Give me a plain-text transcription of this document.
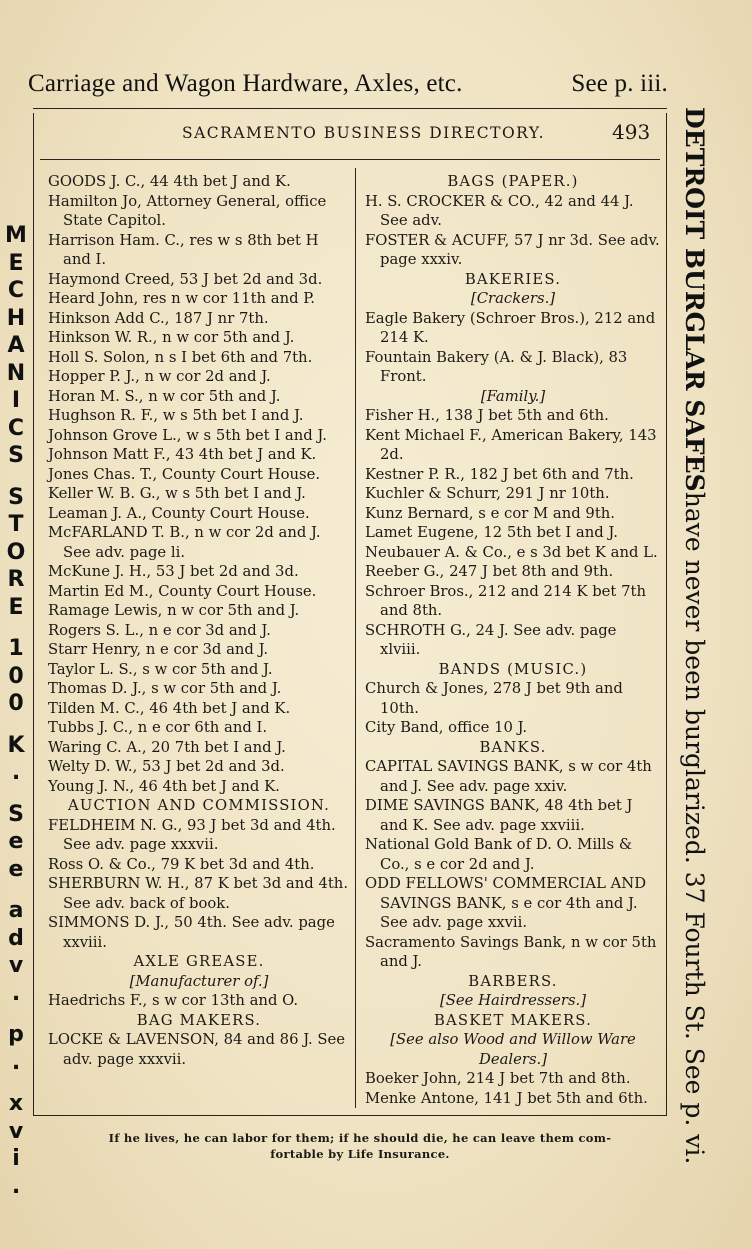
Carriage and Wagon Hardware, Axles, etc.	See p. iii.
M
E
C
H
A
N
I
C
S

S
T
O
R
E

1
0
0

K
.

S
e
e

a
d
v
.

p
.

x
v
i
.
DETROIT BURGLAR SAFES
have never been burglarized. 37 Fourth St. See p. vi.
SACRAMENTO BUSINESS DIRECTORY.	493
GOODS J. C., 44 4th bet J and K.
Hamilton Jo, Attorney General, office State Capitol.
Harrison Ham. C., res w s 8th bet H and I.
Haymond Creed, 53 J bet 2d and 3d.
Heard John, res n w cor 11th and P.
Hinkson Add C., 187 J nr 7th.
Hinkson W. R., n w cor 5th and J.
Holl S. Solon, n s I bet 6th and 7th.
Hopper P. J., n w cor 2d and J.
Horan M. S., n w cor 5th and J.
Hughson R. F., w s 5th bet I and J.
Johnson Grove L., w s 5th bet I and J.
Johnson Matt F., 43 4th bet J and K.
Jones Chas. T., County Court House.
Keller W. B. G., w s 5th bet I and J.
Leaman J. A., County Court House.
McFARLAND T. B., n w cor 2d and J. See adv. page li.
McKune J. H., 53 J bet 2d and 3d.
Martin Ed M., County Court House.
Ramage Lewis, n w cor 5th and J.
Rogers S. L., n e cor 3d and J.
Starr Henry, n e cor 3d and J.
Taylor L. S., s w cor 5th and J.
Thomas D. J., s w cor 5th and J.
Tilden M. C., 46 4th bet J and K.
Tubbs J. C., n e cor 6th and I.
Waring C. A., 20 7th bet I and J.
Welty D. W., 53 J bet 2d and 3d.
Young J. N., 46 4th bet J and K.
AUCTION AND COMMISSION.
FELDHEIM N. G., 93 J bet 3d and 4th. See adv. page xxxvii.
Ross O. & Co., 79 K bet 3d and 4th.
SHERBURN W. H., 87 K bet 3d and 4th. See adv. back of book.
SIMMONS D. J., 50 4th. See adv. page xxviii.
AXLE GREASE.
[Manufacturer of.]
Haedrichs F., s w cor 13th and O.
BAG MAKERS.
LOCKE & LAVENSON, 84 and 86 J. See adv. page xxxvii.
BAGS (PAPER.)
H. S. CROCKER & CO., 42 and 44 J. See adv.
FOSTER & ACUFF, 57 J nr 3d. See adv. page xxxiv.
BAKERIES.
[Crackers.]
Eagle Bakery (Schroer Bros.), 212 and 214 K.
Fountain Bakery (A. & J. Black), 83 Front.
[Family.]
Fisher H., 138 J bet 5th and 6th.
Kent Michael F., American Bakery, 143 2d.
Kestner P. R., 182 J bet 6th and 7th.
Kuchler & Schurr, 291 J nr 10th.
Kunz Bernard, s e cor M and 9th.
Lamet Eugene, 12 5th bet I and J.
Neubauer A. & Co., e s 3d bet K and L.
Reeber G., 247 J bet 8th and 9th.
Schroer Bros., 212 and 214 K bet 7th and 8th.
SCHROTH G., 24 J. See adv. page xlviii.
BANDS (MUSIC.)
Church & Jones, 278 J bet 9th and 10th.
City Band, office 10 J.
BANKS.
CAPITAL SAVINGS BANK, s w cor 4th and J. See adv. page xxiv.
DIME SAVINGS BANK, 48 4th bet J and K. See adv. page xxviii.
National Gold Bank of D. O. Mills & Co., s e cor 2d and J.
ODD FELLOWS' COMMERCIAL AND SAVINGS BANK, s e cor 4th and J. See adv. page xxvii.
Sacramento Savings Bank, n w cor 5th and J.
BARBERS.
[See Hairdressers.]
BASKET MAKERS.
[See also Wood and Willow Ware Dealers.]
Boeker John, 214 J bet 7th and 8th.
Menke Antone, 141 J bet 5th and 6th.
If he lives, he can labor for them; if he should die, he can leave them com-
fortable by Life Insurance.
